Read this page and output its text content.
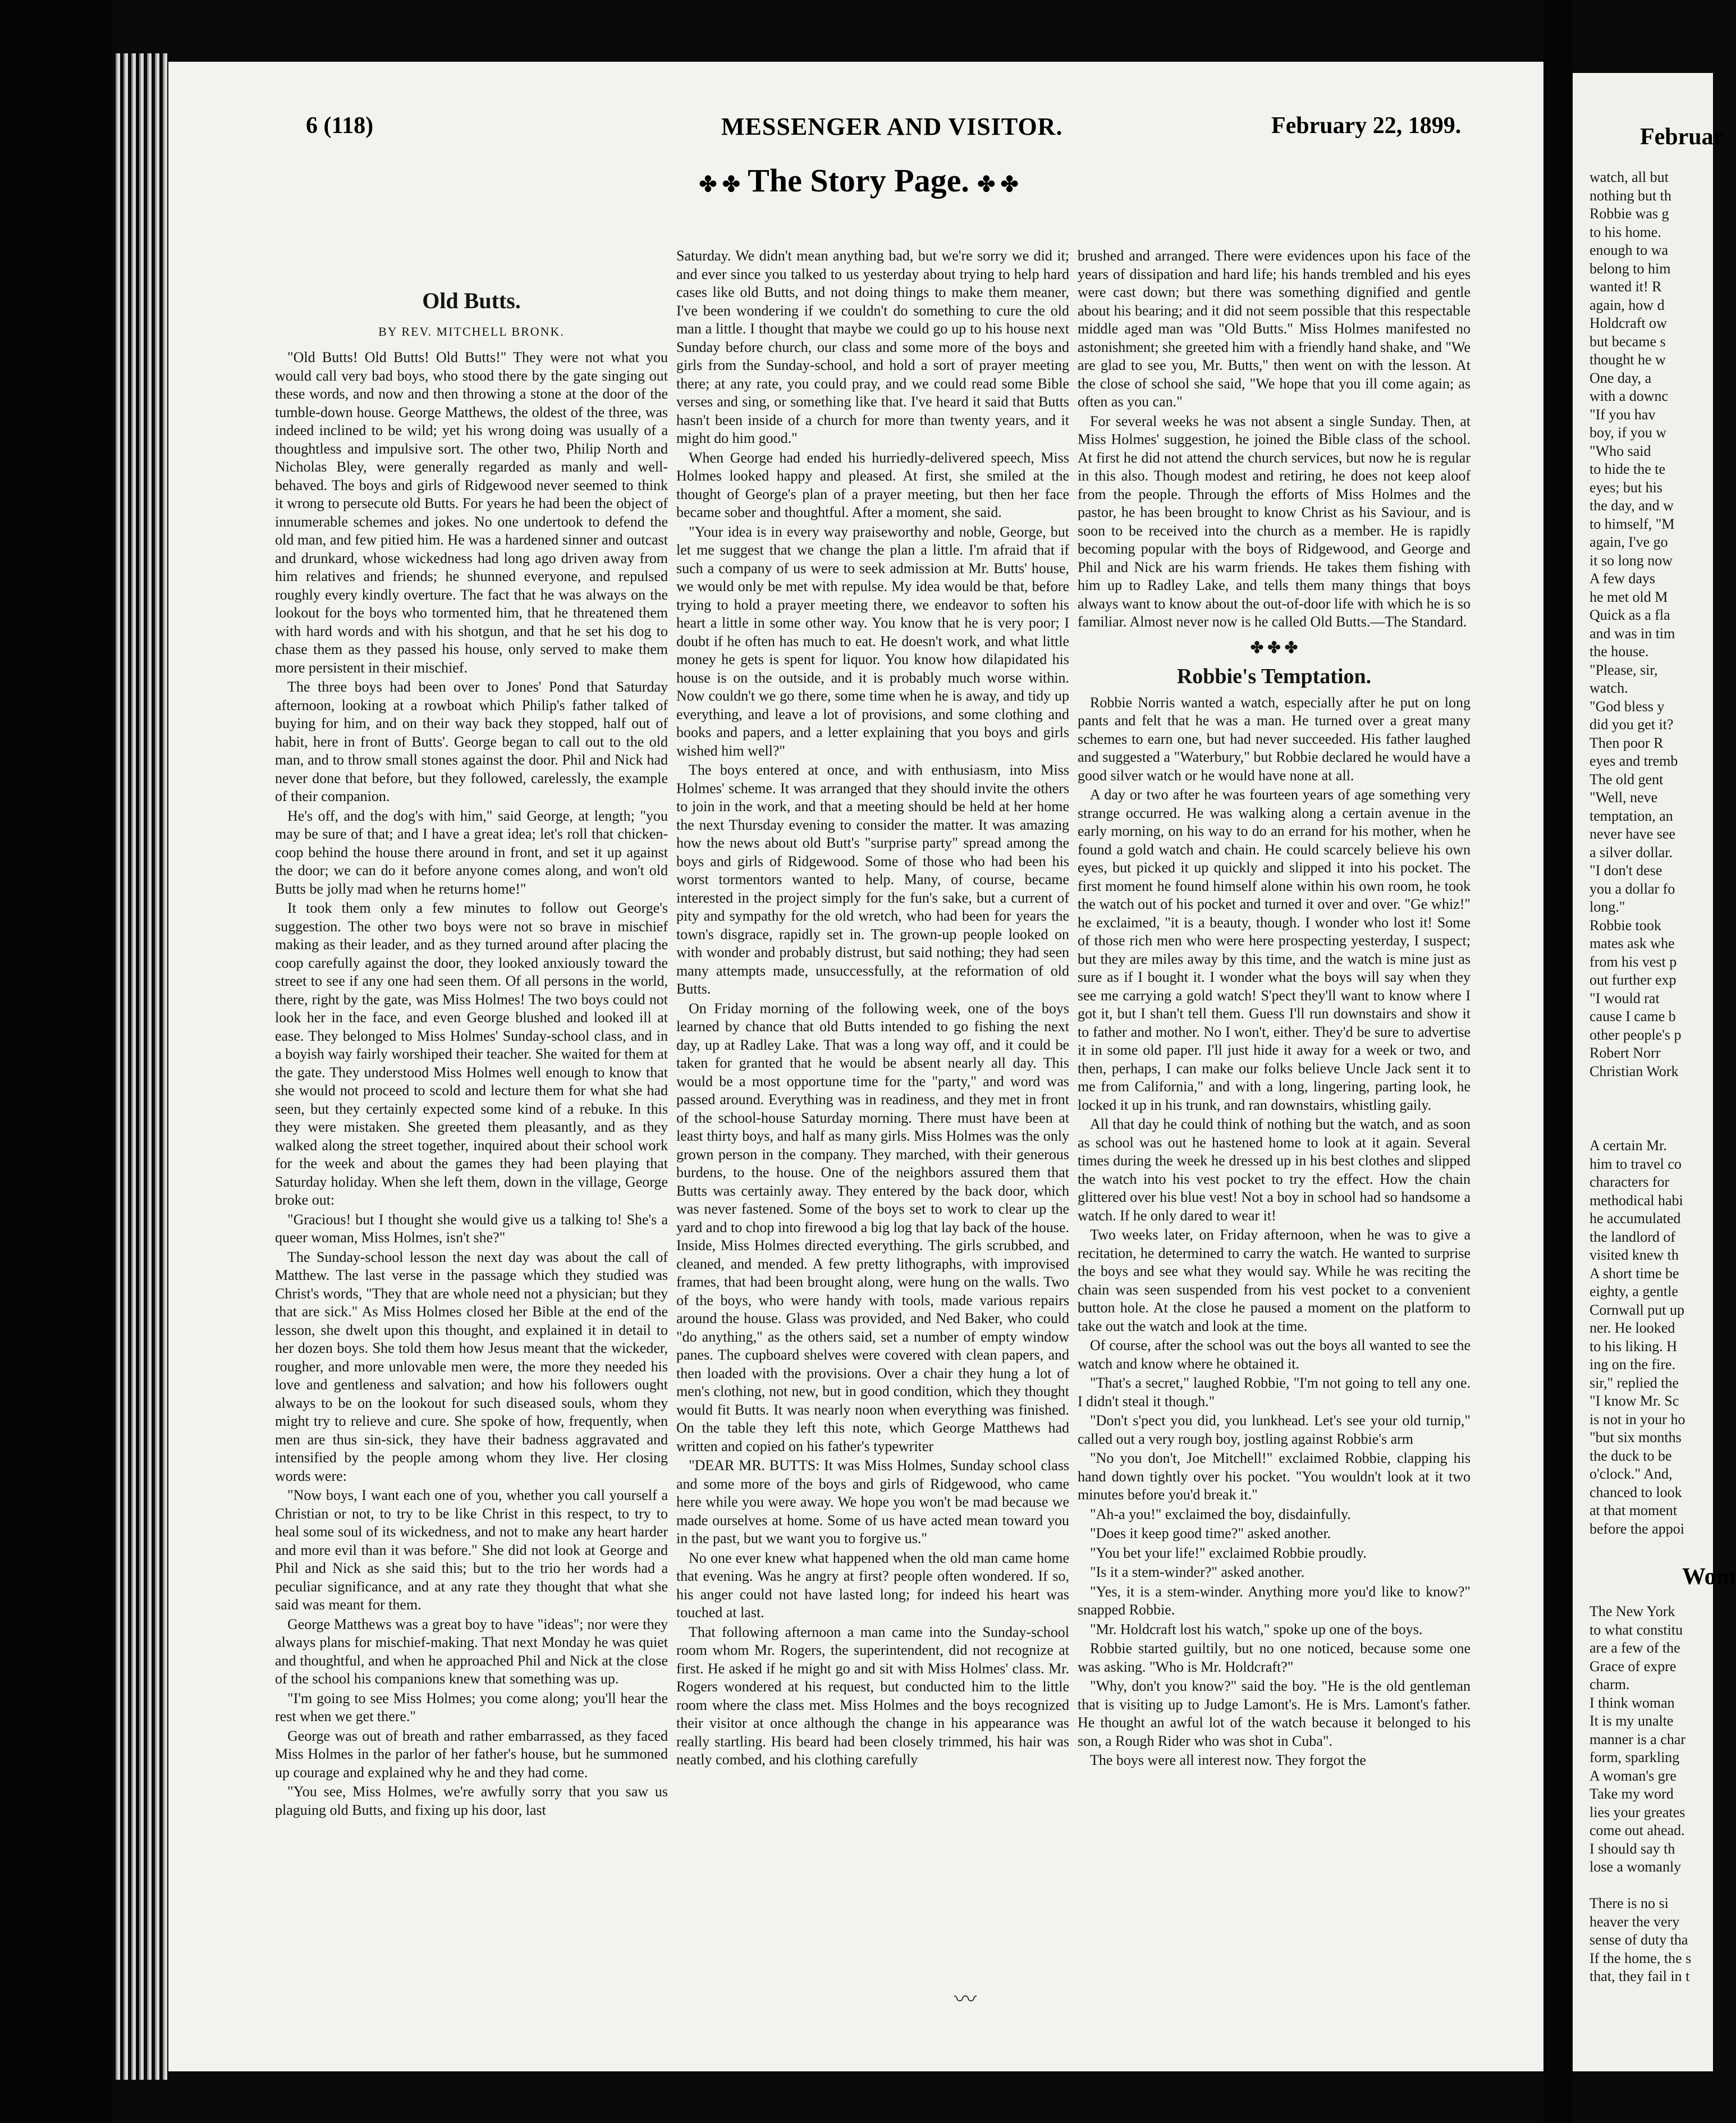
6 (118)	MESSENGER AND VISITOR.	February 22, 1899.
✤ ✤ The Story Page. ✤ ✤
Old Butts.
BY REV. MITCHELL BRONK.

"Old Butts! Old Butts! Old Butts!" They were not what you would call very bad boys, who stood there by the gate singing out these words, and now and then throwing a stone at the door of the tumble-down house. George Matthews, the oldest of the three, was indeed inclined to be wild; yet his wrong doing was usually of a thoughtless and impulsive sort. The other two, Philip North and Nicholas Bley, were generally regarded as manly and well-behaved. The boys and girls of Ridgewood never seemed to think it wrong to persecute old Butts. For years he had been the object of innumerable schemes and jokes. No one undertook to defend the old man, and few pitied him. He was a hardened sinner and outcast and drunkard, whose wickedness had long ago driven away from him relatives and friends; he shunned everyone, and repulsed roughly every kindly overture. The fact that he was always on the lookout for the boys who tormented him, that he threatened them with hard words and with his shotgun, and that he set his dog to chase them as they passed his house, only served to make them more persistent in their mischief.

The three boys had been over to Jones' Pond that Saturday afternoon, looking at a rowboat which Philip's father talked of buying for him, and on their way back they stopped, half out of habit, here in front of Butts'. George began to call out to the old man, and to throw small stones against the door. Phil and Nick had never done that before, but they followed, carelessly, the example of their companion.

He's off, and the dog's with him," said George, at length; "you may be sure of that; and I have a great idea; let's roll that chicken-coop behind the house there around in front, and set it up against the door; we can do it before anyone comes along, and won't old Butts be jolly mad when he returns home!"

It took them only a few minutes to follow out George's suggestion. The other two boys were not so brave in mischief making as their leader, and as they turned around after placing the coop carefully against the door, they looked anxiously toward the street to see if any one had seen them. Of all persons in the world, there, right by the gate, was Miss Holmes! The two boys could not look her in the face, and even George blushed and looked ill at ease. They belonged to Miss Holmes' Sunday-school class, and in a boyish way fairly worshiped their teacher. She waited for them at the gate. They understood Miss Holmes well enough to know that she would not proceed to scold and lecture them for what she had seen, but they certainly expected some kind of a rebuke. In this they were mistaken. She greeted them pleasantly, and as they walked along the street together, inquired about their school work for the week and about the games they had been playing that Saturday holiday. When she left them, down in the village, George broke out:

"Gracious! but I thought she would give us a talking to! She's a queer woman, Miss Holmes, isn't she?"

The Sunday-school lesson the next day was about the call of Matthew. The last verse in the passage which they studied was Christ's words, "They that are whole need not a physician; but they that are sick." As Miss Holmes closed her Bible at the end of the lesson, she dwelt upon this thought, and explained it in detail to her dozen boys. She told them how Jesus meant that the wickeder, rougher, and more unlovable men were, the more they needed his love and gentleness and salvation; and how his followers ought always to be on the lookout for such diseased souls, whom they might try to relieve and cure. She spoke of how, frequently, when men are thus sin-sick, they have their badness aggravated and intensified by the people among whom they live. Her closing words were:

"Now boys, I want each one of you, whether you call yourself a Christian or not, to try to be like Christ in this respect, to try to heal some soul of its wickedness, and not to make any heart harder and more evil than it was before." She did not look at George and Phil and Nick as she said this; but to the trio her words had a peculiar significance, and at any rate they thought that what she said was meant for them.

George Matthews was a great boy to have "ideas"; nor were they always plans for mischief-making. That next Monday he was quiet and thoughtful, and when he approached Phil and Nick at the close of the school his companions knew that something was up.

"I'm going to see Miss Holmes; you come along; you'll hear the rest when we get there."

George was out of breath and rather embarrassed, as they faced Miss Holmes in the parlor of her father's house, but he summoned up courage and explained why he and they had come.

"You see, Miss Holmes, we're awfully sorry that you saw us plaguing old Butts, and fixing up his door, last

Saturday. We didn't mean anything bad, but we're sorry we did it; and ever since you talked to us yesterday about trying to help hard cases like old Butts, and not doing things to make them meaner, I've been wondering if we couldn't do something to cure the old man a little. I thought that maybe we could go up to his house next Sunday before church, our class and some more of the boys and girls from the Sunday-school, and hold a sort of prayer meeting there; at any rate, you could pray, and we could read some Bible verses and sing, or something like that. I've heard it said that Butts hasn't been inside of a church for more than twenty years, and it might do him good."

When George had ended his hurriedly-delivered speech, Miss Holmes looked happy and pleased. At first, she smiled at the thought of George's plan of a prayer meeting, but then her face became sober and thoughtful. After a moment, she said.

"Your idea is in every way praiseworthy and noble, George, but let me suggest that we change the plan a little. I'm afraid that if such a company of us were to seek admission at Mr. Butts' house, we would only be met with repulse. My idea would be that, before trying to hold a prayer meeting there, we endeavor to soften his heart a little in some other way. You know that he is very poor; I doubt if he often has much to eat. He doesn't work, and what little money he gets is spent for liquor. You know how dilapidated his house is on the outside, and it is probably much worse within. Now couldn't we go there, some time when he is away, and tidy up everything, and leave a lot of provisions, and some clothing and books and papers, and a letter explaining that you boys and girls wished him well?"

The boys entered at once, and with enthusiasm, into Miss Holmes' scheme. It was arranged that they should invite the others to join in the work, and that a meeting should be held at her home the next Thursday evening to consider the matter. It was amazing how the news about old Butt's "surprise party" spread among the boys and girls of Ridgewood. Some of those who had been his worst tormentors wanted to help. Many, of course, became interested in the project simply for the fun's sake, but a current of pity and sympathy for the old wretch, who had been for years the town's disgrace, rapidly set in. The grown-up people looked on with wonder and probably distrust, but said nothing; they had seen many attempts made, unsuccessfully, at the reformation of old Butts.

On Friday morning of the following week, one of the boys learned by chance that old Butts intended to go fishing the next day, up at Radley Lake. That was a long way off, and it could be taken for granted that he would be absent nearly all day. This would be a most opportune time for the "party," and word was passed around. Everything was in readiness, and they met in front of the school-house Saturday morning. There must have been at least thirty boys, and half as many girls. Miss Holmes was the only grown person in the company. They marched, with their generous burdens, to the house. One of the neighbors assured them that Butts was certainly away. They entered by the back door, which was never fastened. Some of the boys set to work to clear up the yard and to chop into firewood a big log that lay back of the house. Inside, Miss Holmes directed everything. The girls scrubbed, and cleaned, and mended. A few pretty lithographs, with improvised frames, that had been brought along, were hung on the walls. Two of the boys, who were handy with tools, made various repairs around the house. Glass was provided, and Ned Baker, who could "do anything," as the others said, set a number of empty window panes. The cupboard shelves were covered with clean papers, and then loaded with the provisions. Over a chair they hung a lot of men's clothing, not new, but in good condition, which they thought would fit Butts. It was nearly noon when everything was finished. On the table they left this note, which George Matthews had written and copied on his father's typewriter

"DEAR MR. BUTTS: It was Miss Holmes, Sunday school class and some more of the boys and girls of Ridgewood, who came here while you were away. We hope you won't be mad because we made ourselves at home. Some of us have acted mean toward you in the past, but we want you to forgive us."

No one ever knew what happened when the old man came home that evening. Was he angry at first? people often wondered. If so, his anger could not have lasted long; for indeed his heart was touched at last.

That following afternoon a man came into the Sunday-school room whom Mr. Rogers, the superintendent, did not recognize at first. He asked if he might go and sit with Miss Holmes' class. Mr. Rogers wondered at his request, but conducted him to the little room where the class met. Miss Holmes and the boys recognized their visitor at once although the change in his appearance was really startling. His beard had been closely trimmed, his hair was neatly combed, and his clothing carefully

brushed and arranged. There were evidences upon his face of the years of dissipation and hard life; his hands trembled and his eyes were cast down; but there was something dignified and gentle about his bearing; and it did not seem possible that this respectable middle aged man was "Old Butts." Miss Holmes manifested no astonishment; she greeted him with a friendly hand shake, and "We are glad to see you, Mr. Butts," then went on with the lesson. At the close of school she said, "We hope that you ill come again; as often as you can."

For several weeks he was not absent a single Sunday. Then, at Miss Holmes' suggestion, he joined the Bible class of the school. At first he did not attend the church services, but now he is regular in this also. Though modest and retiring, he does not keep aloof from the people. Through the efforts of Miss Holmes and the pastor, he has been brought to know Christ as his Saviour, and is soon to be received into the church as a member. He is rapidly becoming popular with the boys of Ridgewood, and George and Phil and Nick are his warm friends. He takes them fishing with him up to Radley Lake, and tells them many things that boys always want to know about the out-of-door life with which he is so familiar. Almost never now is he called Old Butts.—The Standard.

✤ ✤ ✤
Robbie's Temptation.

Robbie Norris wanted a watch, especially after he put on long pants and felt that he was a man. He turned over a great many schemes to earn one, but had never succeeded. His father laughed and suggested a "Waterbury," but Robbie declared he would have a good silver watch or he would have none at all.

A day or two after he was fourteen years of age something very strange occurred. He was walking along a certain avenue in the early morning, on his way to do an errand for his mother, when he found a gold watch and chain. He could scarcely believe his own eyes, but picked it up quickly and slipped it into his pocket. The first moment he found himself alone within his own room, he took the watch out of his pocket and turned it over and over. "Ge whiz!" he exclaimed, "it is a beauty, though. I wonder who lost it! Some of those rich men who were here prospecting yesterday, I suspect; but they are miles away by this time, and the watch is mine just as sure as if I bought it. I wonder what the boys will say when they see me carrying a gold watch! S'pect they'll want to know where I got it, but I shan't tell them. Guess I'll run downstairs and show it to father and mother. No I won't, either. They'd be sure to advertise it in some old paper. I'll just hide it away for a week or two, and then, perhaps, I can make our folks believe Uncle Jack sent it to me from California," and with a long, lingering, parting look, he locked it up in his trunk, and ran downstairs, whistling gaily.

All that day he could think of nothing but the watch, and as soon as school was out he hastened home to look at it again. Several times during the week he dressed up in his best clothes and slipped the watch into his vest pocket to try the effect. How the chain glittered over his blue vest! Not a boy in school had so handsome a watch. If he only dared to wear it!

Two weeks later, on Friday afternoon, when he was to give a recitation, he determined to carry the watch. He wanted to surprise the boys and see what they would say. While he was reciting the chain was seen suspended from his vest pocket to a convenient button hole. At the close he paused a moment on the platform to take out the watch and look at the time.

Of course, after the school was out the boys all wanted to see the watch and know where he obtained it.

"That's a secret," laughed Robbie, "I'm not going to tell any one. I didn't steal it though."

"Don't s'pect you did, you lunkhead. Let's see your old turnip," called out a very rough boy, jostling against Robbie's arm

"No you don't, Joe Mitchell!" exclaimed Robbie, clapping his hand down tightly over his pocket. "You wouldn't look at it two minutes before you'd break it."

"Ah-a you!" exclaimed the boy, disdainfully.

"Does it keep good time?" asked another.

"You bet your life!" exclaimed Robbie proudly.

"Is it a stem-winder?" asked another.

"Yes, it is a stem-winder. Anything more you'd like to know?" snapped Robbie.

"Mr. Holdcraft lost his watch," spoke up one of the boys.

Robbie started guiltily, but no one noticed, because some one was asking. "Who is Mr. Holdcraft?"

"Why, don't you know?" said the boy. "He is the old gentleman that is visiting up to Judge Lamont's. He is Mrs. Lamont's father. He thought an awful lot of the watch because it belonged to his son, a Rough Rider who was shot in Cuba".

The boys were all interest now. They forgot the

〰
Februar
watch, all but
nothing but th
Robbie was g
to his home.
enough to wa
belong to him
wanted it! R
again, how d
Holdcraft ow
but became s
thought he w
One day, a
with a downc
"If you hav
boy, if you w
"Who said
to hide the te
eyes; but his
the day, and w
to himself, "M
again, I've go
it so long now
A few days
he met old M
Quick as a fla
and was in tim
the house.
"Please, sir,
watch.
"God bless y
did you get it?
Then poor R
eyes and tremb
The old gent
"Well, neve
temptation, an
never have see
a silver dollar.
"I don't dese
you a dollar fo
long."
Robbie took
mates ask whe
from his vest p
out further exp
"I would rat
cause I came b
other people's p
Robert Norr
Christian Work
A certain Mr.
him to travel co
characters for
methodical habi
he accumulated
the landlord of
visited knew th
A short time be
eighty, a gentle
Cornwall put up
ner. He looked
to his liking. H
ing on the fire.
sir," replied the
"I know Mr. Sc
is not in your ho
"but six months
the duck to be
o'clock." And,
chanced to look
at that moment
before the appoi
Wom
The New York
to what constitu
are a few of the
Grace of expre
charm.
I think woman
It is my unalte
manner is a char
form, sparkling
A woman's gre
Take my word
lies your greates
come out ahead.
I should say th
lose a womanly

There is no si
heaver the very
sense of duty tha
If the home, the s
that, they fail in t
